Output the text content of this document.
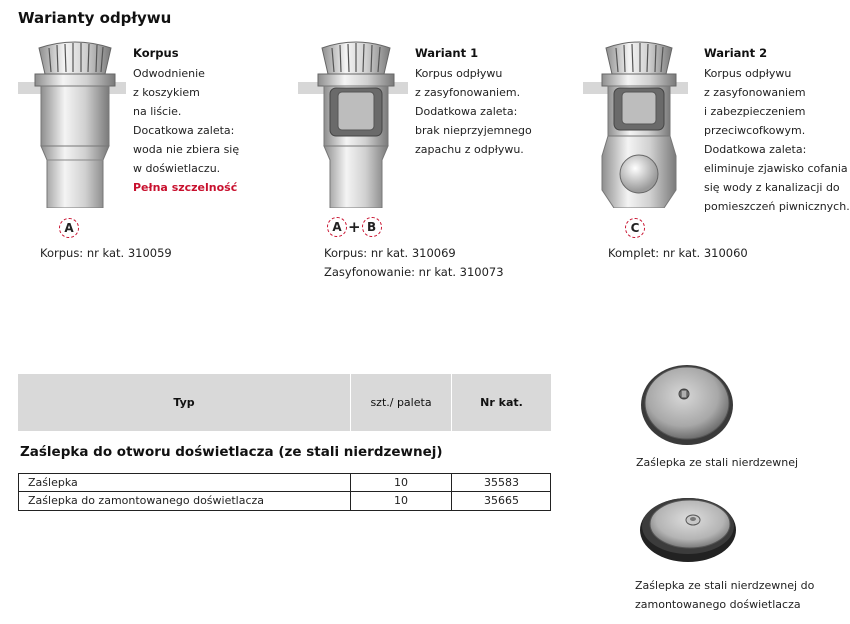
Warianty odpływu
Korpus
Odwodnienie
z koszykiem
na liście.
Docatkowa zaleta:
woda nie zbiera się
w doświetlaczu.
Pełna szczelność
A
Korpus: nr kat. 310059
Wariant 1
Korpus odpływu
z zasyfonowaniem.
Dodatkowa zaleta:
brak nieprzyjemnego
zapachu z odpływu.
A + B
Korpus: nr kat. 310069
Zasyfonowanie: nr kat. 310073
Wariant 2
Korpus odpływu
z zasyfonowaniem
i zabezpieczeniem
przeciwcofkowym.
Dodatkowa zaleta:
eliminuje zjawisko cofania
się wody z kanalizacji do
pomieszczeń piwnicznych.
C
Komplet: nr kat. 310060
Typ	szt./ paleta	Nr kat.
Zaślepka do otworu doświetlacza (ze stali nierdzewnej)
Zaślepka	10	35583
Zaślepka do zamontowanego doświetlacza	10	35665
Zaślepka ze stali nierdzewnej
Zaślepka ze stali nierdzewnej do
zamontowanego doświetlacza
